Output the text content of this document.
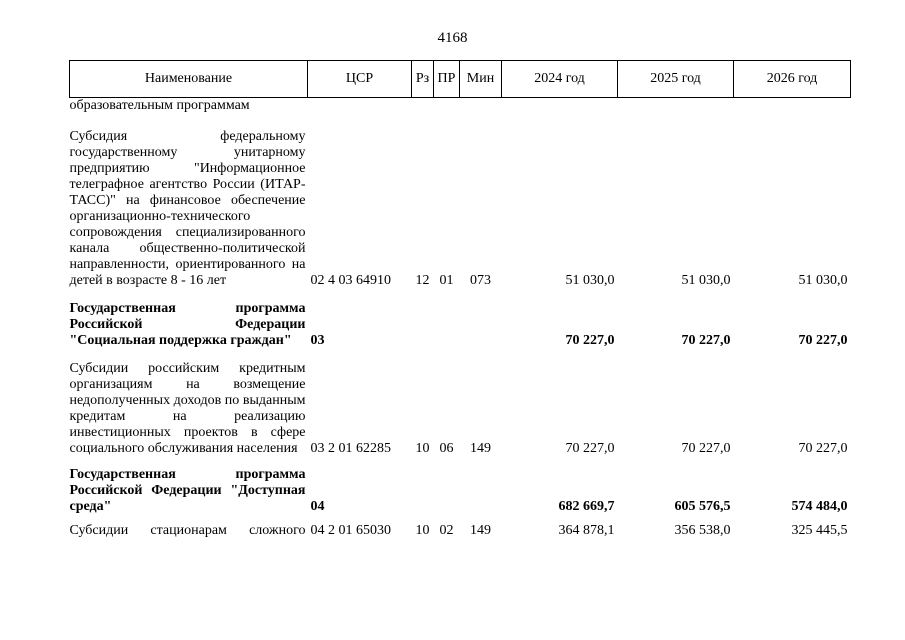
4168
Наименование	ЦСР	Рз	ПР	Мин	2024 год	2025 год	2026 год
образовательным программам							
Субсидия федеральному государственному унитарному предприятию "Информационное телеграфное агентство России (ИТАР-ТАСС)" на финансовое обеспечение организационно-технического сопровождения специализированного канала общественно-политической направленности, ориентированного на детей в возрасте 8 - 16 лет	02 4 03 64910	12	01	073	51 030,0	51 030,0	51 030,0
Государственная программа Российской Федерации "Социальная поддержка граждан"	03				70 227,0	70 227,0	70 227,0
Субсидии российским кредитным организациям на возмещение недополученных доходов по выданным кредитам на реализацию инвестиционных проектов в сфере социального обслуживания населения	03 2 01 62285	10	06	149	70 227,0	70 227,0	70 227,0
Государственная программа Российской Федерации "Доступная среда"	04				682 669,7	605 576,5	574 484,0
Субсидии стационарам сложного	04 2 01 65030	10	02	149	364 878,1	356 538,0	325 445,5
